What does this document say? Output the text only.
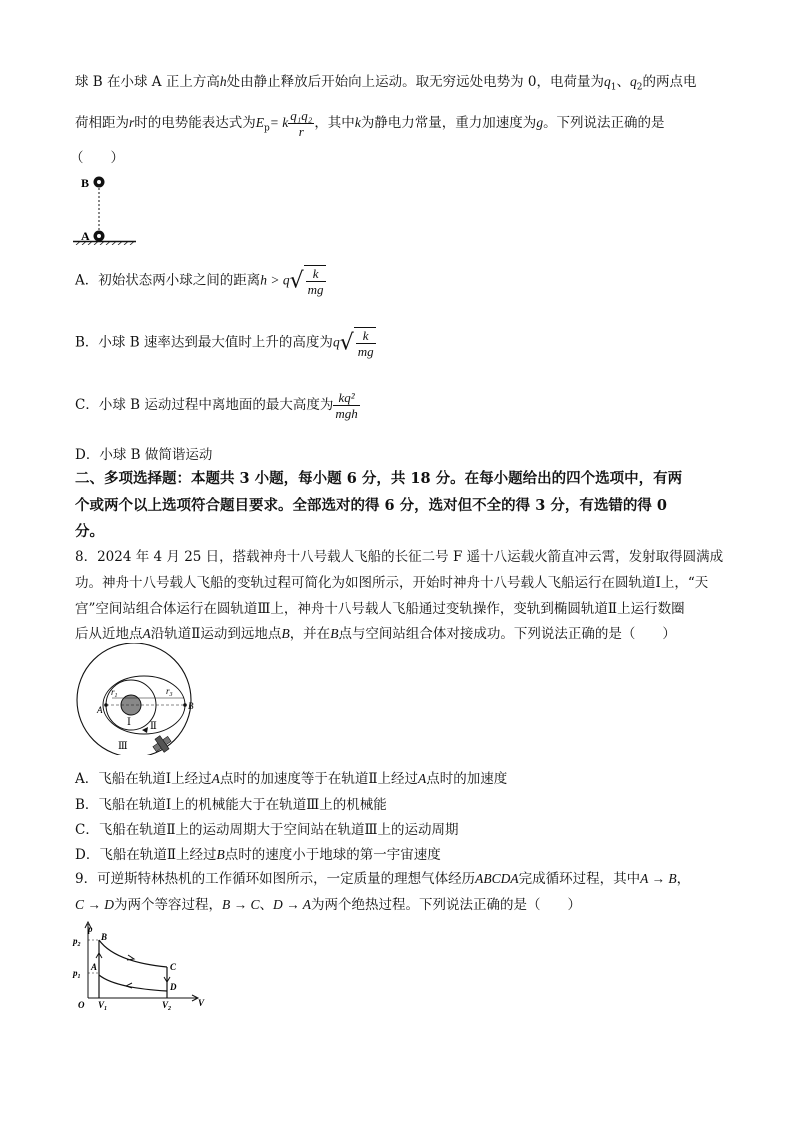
球 B 在小球 A 正上方高h处由静止释放后开始向上运动。取无穷远处电势为 0，电荷量为$q_1$、$q_2$的两点电
荷相距为r时的电势能表达式为$E_p= k \frac{\text{q₁q₂}}{r}$ ，其中k为静电力常量，重力加速度为g。下列说法正确的是
（　　）
B
A
A．初始状态两小球之间的距离$h > q√ \frac{k}{mg}$
B．小球 B 速率达到最大值时上升的高度为$q√ \frac{k}{mg}$
C．小球 B 运动过程中离地面的最大高度为 $\frac{\text{kq²}}{\text{mgh}}$
D．小球 B 做简谐运动
二、多项选择题：本题共 3 小题，每小题 6 分，共 18 分。在每小题给出的四个选项中，有两
个或两个以上选项符合题目要求。全部选对的得 6 分，选对但不全的得 3 分，有选错的得 0
分。
8．2024 年 4 月 25 日，搭载神舟十八号载人飞船的长征二号 F 遥十八运载火箭直冲云霄，发射取得圆满成
功。神舟十八号载人飞船的变轨过程可简化为如图所示，开始时神舟十八号载人飞船运行在圆轨道Ⅰ上，“天
宫”空间站组合体运行在圆轨道Ⅲ上，神舟十八号载人飞船通过变轨操作，变轨到椭圆轨道Ⅱ上运行数圈
后从近地点A沿轨道Ⅱ运动到远地点B，并在B点与空间站组合体对接成功。下列说法正确的是（　　）
$r_1$	$r_3$
A	B
Ⅰ Ⅱ
Ⅲ
A．飞船在轨道Ⅰ上经过A点时的加速度等于在轨道Ⅱ上经过A点时的加速度
B．飞船在轨道Ⅰ上的机械能大于在轨道Ⅲ上的机械能
C．飞船在轨道Ⅱ上的运动周期大于空间站在轨道Ⅲ上的运动周期
D．飞船在轨道Ⅱ上经过B点时的速度小于地球的第一宇宙速度
9．可逆斯特林热机的工作循环如图所示，一定质量的理想气体经历ABCDA完成循环过程，其中A → B，
C → D为两个等容过程，B → C、D → A为两个绝热过程。下列说法正确的是（　　）
p
V
O
$p_2$
$p_1$
$V_1$	$V_2$
B
A	C
D
